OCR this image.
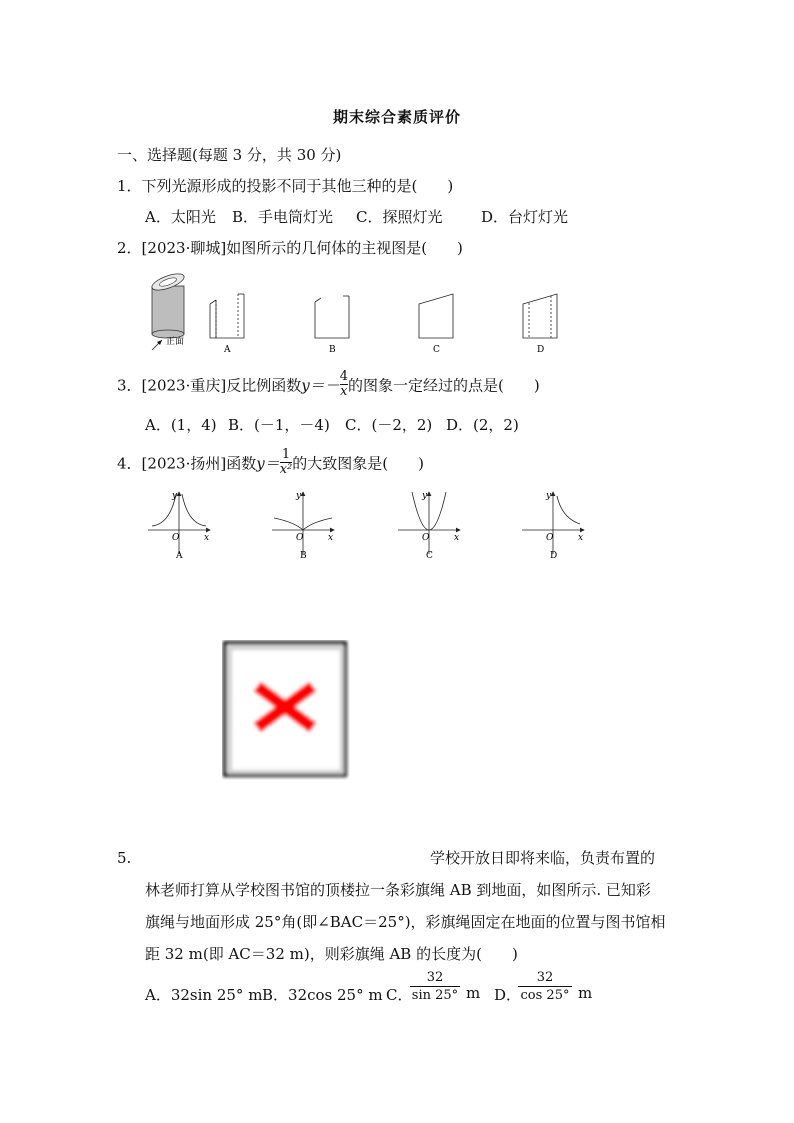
期末综合素质评价
一、选择题(每题 3 分，共 30 分)
1．下列光源形成的投影不同于其他三种的是(　　)
A．太阳光 B．手电筒灯光 C．探照灯光	D．台灯灯光
2．[2023·聊城]如图所示的几何体的主视图是(　　)
正面
A	B	C	D
3．[2023·重庆]反比例函数$y=- \frac{4}{x}$ 的图象一定经过的点是(　　)
A．(1，4) B．(－1，－4) C．(－2，2) D．(2，2)
4．[2023·扬州]函数$y= \frac{1}{\text{x²}}$ 的大致图象是(　　)
y
x
O
A
y
x
O
B
y
x
O
C
y
x
O
D
5.	学校开放日即将来临，负责布置的
林老师打算从学校图书馆的顶楼拉一条彩旗绳 AB 到地面，如图所示. 已知彩
旗绳与地面形成 25°角(即∠BAC＝25°)，彩旗绳固定在地面的位置与图书馆相
距 32 m(即 AC＝32 m)，则彩旗绳 AB 的长度为(　　)
A．32sin 25° m B．32cos 25° m C．
32
sin 25° m D．
32
cos 25° m
